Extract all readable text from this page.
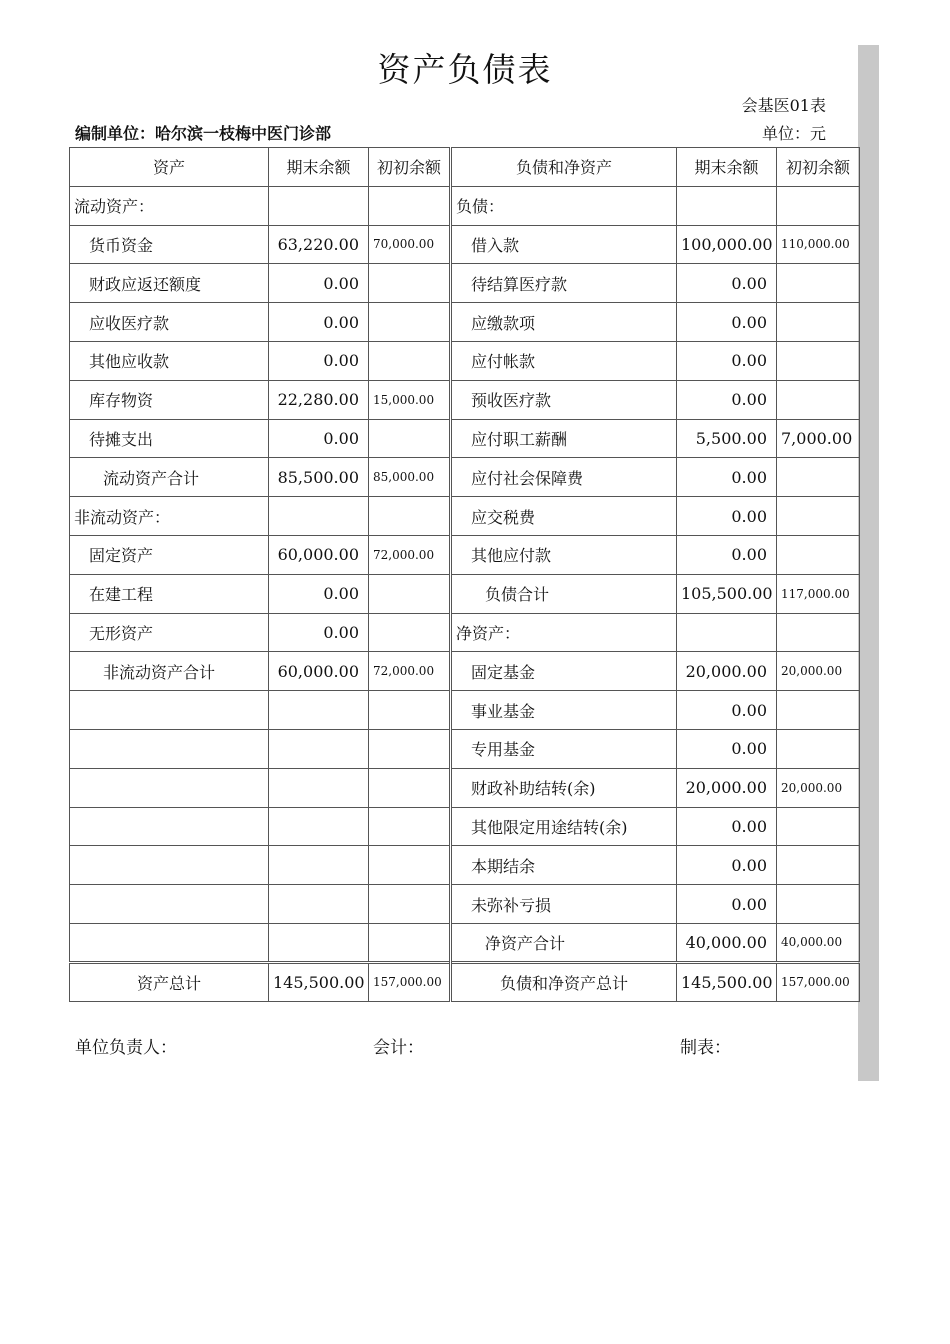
资产负债表
会基医01表
编制单位：哈尔滨一枝梅中医门诊部	单位：元
资产	期末余额	初初余额	负债和净资产	期末余额	初初余额
流动资产：			负债：		
货币资金	63,220.00	70,000.00	借入款	100,000.00	110,000.00
财政应返还额度	0.00		待结算医疗款	0.00	
应收医疗款	0.00		应缴款项	0.00	
其他应收款	0.00		应付帐款	0.00	
库存物资	22,280.00	15,000.00	预收医疗款	0.00	
待摊支出	0.00		应付职工薪酬	5,500.00	7,000.00
流动资产合计	85,500.00	85,000.00	应付社会保障费	0.00	
非流动资产：			应交税费	0.00	
固定资产	60,000.00	72,000.00	其他应付款	0.00	
在建工程	0.00		负债合计	105,500.00	117,000.00
无形资产	0.00		净资产：		
非流动资产合计	60,000.00	72,000.00	固定基金	20,000.00	20,000.00
			事业基金	0.00	
			专用基金	0.00	
			财政补助结转(余)	20,000.00	20,000.00
			其他限定用途结转(余)	0.00	
			本期结余	0.00	
			未弥补亏损	0.00	
			净资产合计	40,000.00	40,000.00
资产总计	145,500.00	157,000.00	负债和净资产总计	145,500.00	157,000.00
单位负责人：	会计：	制表：
